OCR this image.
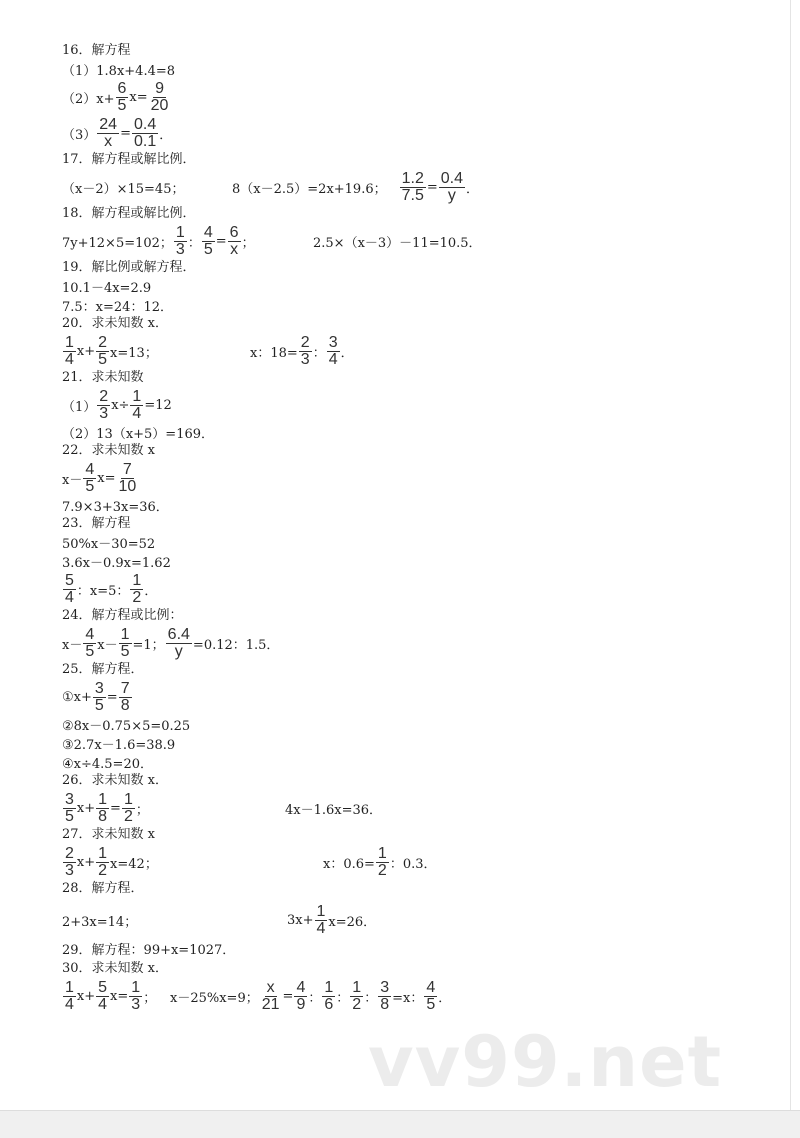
16．解方程
（1）1.8x+4.4=8
$(2)x+ \frac{6}{5} x= \frac{9}{20}$
$(3) \frac{24}{x} = \frac{0.4}{0.1}$ ．
17．解方程或解比例．
（x－2）×15=45；	8（x－2.5）=2x+19.6； $\frac{1.2}{7.5} = \frac{0.4}{y}$ ．
18．解方程或解比例．
7y+12×5=102； $\frac{1}{3}$ ： $\frac{4}{5} = \frac{6}{x}$ ；	2.5×（x－3）－11=10.5．
19．解比例或解方程．
10.1－4x=2.9
7.5：x=24：12．
20．求未知数 x．
$\frac{1}{4} x+ \frac{2}{5} x=13$；	x：$18= \frac{2}{3}$ ： $\frac{3}{4}$ ．
21．求未知数
$(1) \frac{2}{3} x\div \frac{1}{4} =12$
（2）13（x+5）=169．
22．求未知数 x
$x- \frac{4}{5} x= \frac{7}{10}$
7.9×3+3x=36．
23．解方程
50%x－30=52
3.6x－0.9x=1.62
$\frac{5}{4}$ ：x=5： $\frac{1}{2}$ ．
24．解方程或比例：
$x- \frac{4}{5} x- \frac{1}{5} =1$； $\frac{6.4}{y} =0.12$：1.5．
25．解方程．
①x+ $\frac{3}{5} = \frac{7}{8}$
②8x－0.75×5=0.25
③2.7x－1.6=38.9
④x÷4.5=20．
26．求未知数 x．
$\frac{3}{5} x+ \frac{1}{8} = \frac{1}{2}$ ；	4x－1.6x=36．
27．求未知数 x
$\frac{2}{3} x+ \frac{1}{2} x=42$；	x：$0.6= \frac{1}{2}$ ：0.3．
28．解方程．
2+3x=14；	$3x+ \frac{1}{4} x=26$．
29．解方程：99+x=1027．
30．求未知数 x．
$\frac{1}{4} x+ \frac{5}{4} x= \frac{1}{3}$ ； x－25%x=9； $\frac{x}{21} = \frac{4}{9}$ ： $\frac{1}{6}$ ： $\frac{1}{2}$ ： $\frac{3}{8} =x$： $\frac{4}{5}$ ．
vv99.net
